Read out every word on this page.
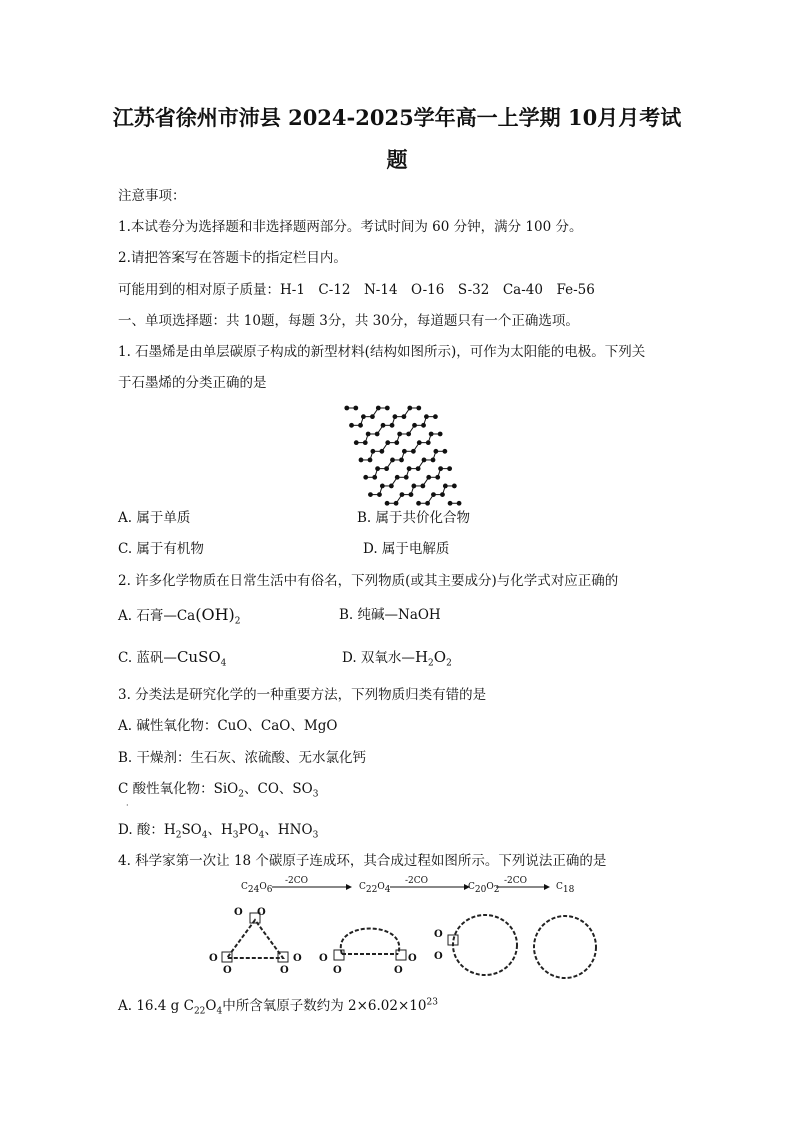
江苏省徐州市沛县 2024-2025学年高一上学期 10月月考试
题
注意事项：
1.本试卷分为选择题和非选择题两部分。考试时间为 60 分钟，满分 100 分。
2.请把答案写在答题卡的指定栏目内。
可能用到的相对原子质量：H-1　C-12　N-14　O-16　S-32　Ca-40　Fe-56
一、单项选择题：共 10题，每题 3分，共 30分，每道题只有一个正确选项。
1. 石墨烯是由单层碳原子构成的新型材料(结构如图所示)，可作为太阳能的电极。下列关
于石墨烯的分类正确的是
A. 属于单质	B. 属于共价化合物
C. 属于有机物	D. 属于电解质
2. 许多化学物质在日常生活中有俗名，下列物质(或其主要成分)与化学式对应正确的
A. 石膏$—Ca(OH)_2$	B. 纯碱—NaOH
C. 蓝矾—CuSO$_4$	D. 双氧水$—H_2O_2$
3. 分类法是研究化学的一种重要方法，下列物质归类有错的是
A. 碱性氧化物：CuO、CaO、MgO
B. 干燥剂：生石灰、浓硫酸、无水氯化钙
C 酸性氧化物：SiO$_2$、CO、$SO_3$
·
D. 酸：$H_2SO_4$、$H_3PO_4$、$HNO_3$
4. 科学家第一次让 18 个碳原子连成环，其合成过程如图所示。下列说法正确的是
$C_{24}O_6$
-2CO
$C_{22}O_4$
-2CO
$C_{20}O_2$
-2CO
→ $C_{18}$
O O
O	O
O	O
O
O
O
O
O
O
A. 16.4 g $C_{22}O_4$中所含氧原子数约为 $2\times 6.02\times 10^{23}$
